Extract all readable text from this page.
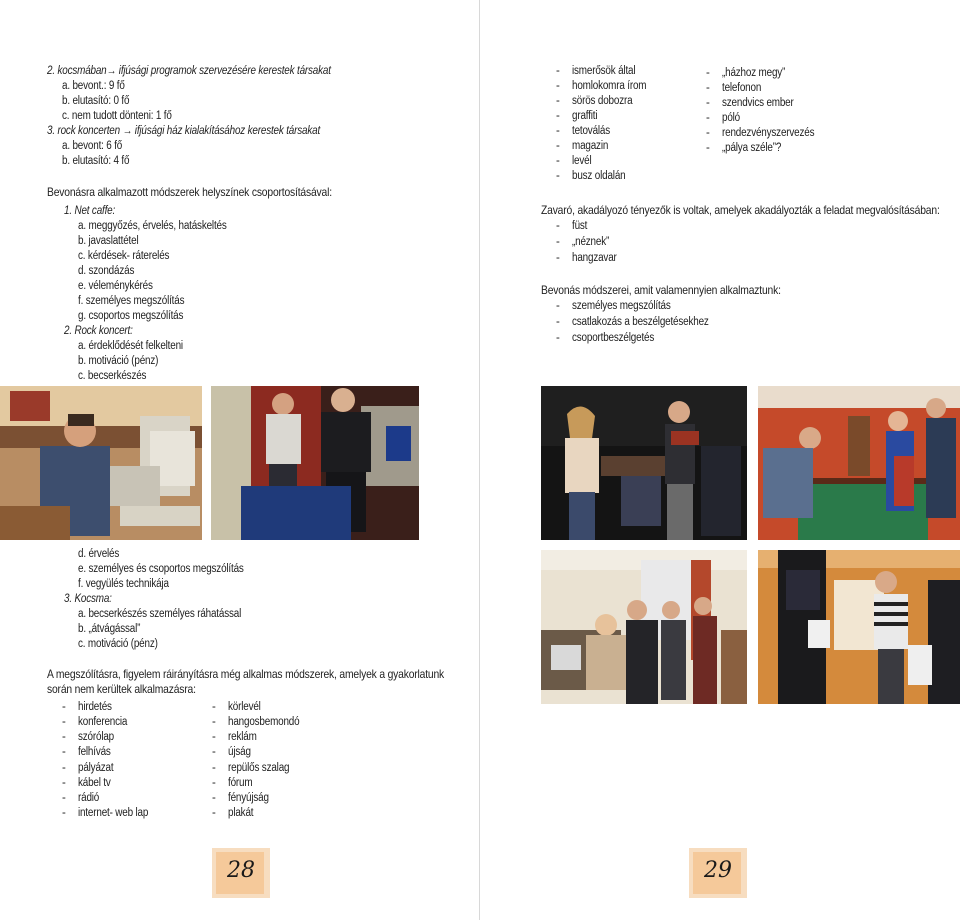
2. kocsmában→ ifjúsági programok szervezésére kerestek társakat
a. bevont.: 9 fő
b. elutasító: 0 fő
c. nem tudott dönteni: 1 fő
3. rock koncerten → ifjúsági ház kialakításához kerestek társakat
a. bevont: 6 fő
b. elutasító: 4 fő
Bevonásra alkalmazott módszerek helyszínek csoportosításával:
1. Net caffe:
a. meggyőzés, érvelés, hatáskeltés
b. javaslattétel
c. kérdések- ráterelés
d. szondázás
e. véleménykérés
f. személyes megszólítás
g. csoportos megszólítás
2. Rock koncert:
a. érdeklődését felkelteni
b. motiváció (pénz)
c. becserkészés
d. érvelés
e. személyes és csoportos megszólítás
f. vegyülés technikája
3. Kocsma:
a. becserkészés személyes ráhatással
b. „átvágással”
c. motiváció (pénz)
A megszólításra, figyelem ráirányításra még alkalmas módszerek, amelyek a gyakorlatunk
során nem kerültek alkalmazásra:
- hirdetés
- konferencia
- szórólap
- felhívás
- pályázat
- kábel tv
- rádió
- internet- web lap
- körlevél
- hangosbemondó
- reklám
- újság
- repülős szalag
- fórum
- fényújság
- plakát
28
- ismerősök által
- homlokomra írom
- sörös dobozra
- graffiti
- tetoválás
- magazin
- levél
- busz oldalán
- „házhoz megy”
- telefonon
- szendvics ember
- póló
- rendezvényszervezés
- „pálya széle”?
Zavaró, akadályozó tényezők is voltak, amelyek akadályozták a feladat megvalósításában:
- füst
- „néznek”
- hangzavar
Bevonás módszerei, amit valamennyien alkalmaztunk:
- személyes megszólítás
- csatlakozás a beszélgetésekhez
- csoportbeszélgetés
29
